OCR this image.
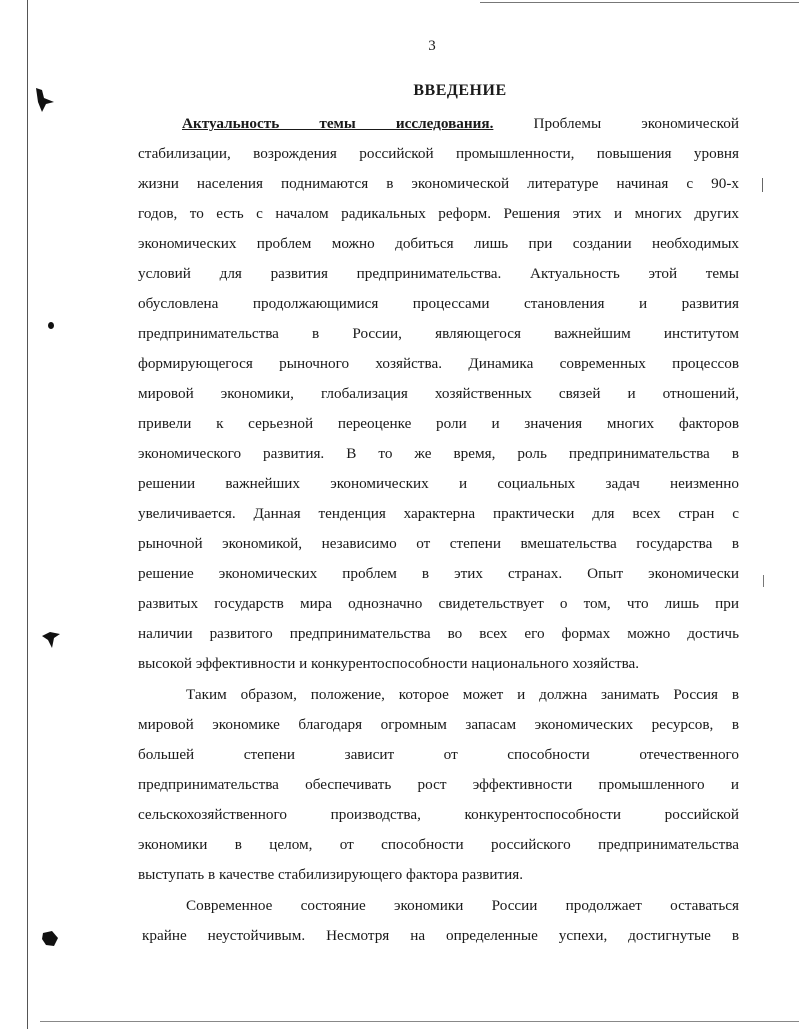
3
ВВЕДЕНИЕ
Актуальность темы исследования.	Проблемы экономической
стабилизации, возрождения российской промышленности, повышения уровня
жизни населения поднимаются в экономической литературе начиная с 90-х
годов, то есть с началом радикальных реформ. Решения этих и многих других
экономических проблем можно добиться лишь при создании необходимых
условий для развития предпринимательства. Актуальность этой темы
обусловлена продолжающимися процессами становления и развития
предпринимательства в России, являющегося важнейшим институтом
формирующегося рыночного хозяйства. Динамика современных процессов
мировой экономики, глобализация хозяйственных связей и отношений,
привели к серьезной переоценке роли и значения многих факторов
экономического развития. В то же время, роль предпринимательства в
решении важнейших экономических и социальных задач неизменно
увеличивается. Данная тенденция характерна практически для всех стран с
рыночной экономикой, независимо от степени вмешательства государства в
решение экономических проблем в этих странах. Опыт экономически
развитых государств мира однозначно свидетельствует о том, что лишь при
наличии развитого предпринимательства во всех его формах можно достичь
высокой эффективности и конкурентоспособности национального хозяйства.
Таким образом, положение, которое может и должна занимать Россия в
мировой экономике благодаря огромным запасам экономических ресурсов, в
большей степени зависит от способности отечественного
предпринимательства обеспечивать рост эффективности промышленного и
сельскохозяйственного производства, конкурентоспособности российской
экономики в целом, от способности российского предпринимательства
выступать в качестве стабилизирующего фактора развития.
Современное состояние экономики России продолжает оставаться
крайне неустойчивым. Несмотря на определенные успехи, достигнутые в
